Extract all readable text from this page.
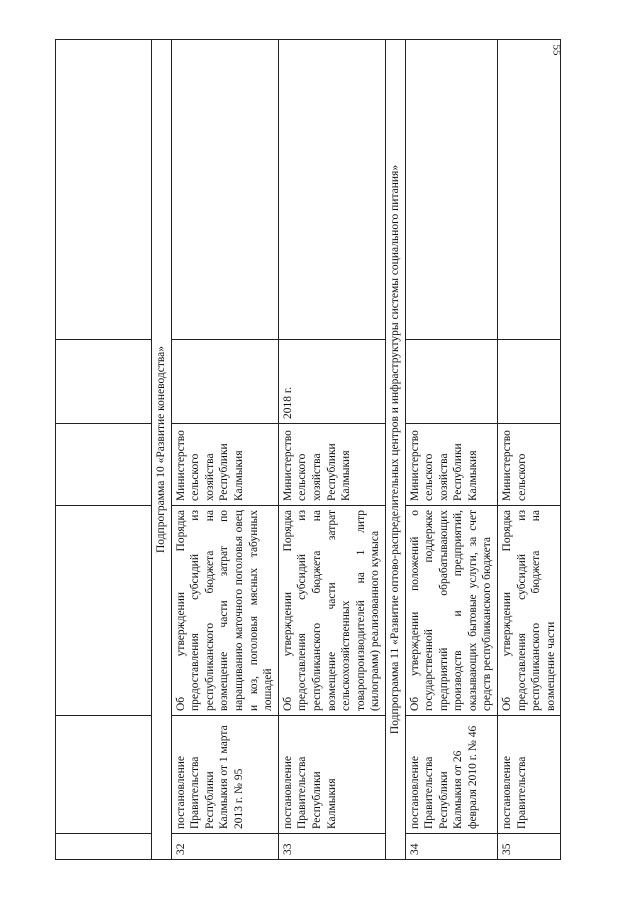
55

Подпрограмма 10 «Развитие коневодства»					
32	постановление Правительства Республики Калмыкия от 1 марта 2013 г. № 95	Об утверждении Порядка предоставления субсидий из республиканского бюджета на возмещение части затрат по наращиванию маточного поголовья овец и коз, поголовья мясных табунных лошадей	Министерство сельского хозяйства Республики Калмыкия		
33	постановление Правительства Республики Калмыкия	Об утверждении Порядка предоставления субсидий из республиканского бюджета на возмещение части затрат сельскохозяйственных товаропроизводителей на 1 литр (килограмм) реализованного кумыса	Министерство сельского хозяйства Республики Калмыкия	2018 г.	
Подпрограмма 11 «Развитие оптово-распределительных центров и инфраструктуры системы социального питания»					
34	постановление Правительства Республики Калмыкия от 26 февраля 2010 г. № 46	Об утверждении положений о государственной поддержке предприятий обрабатывающих производств и предприятий, оказывающих бытовые услуги, за счет средств республиканского бюджета	Министерство сельского хозяйства Республики Калмыкия		
35	постановление Правительства	Об утверждении Порядка предоставления субсидий из республиканского бюджета на возмещение части	Министерство сельского		
